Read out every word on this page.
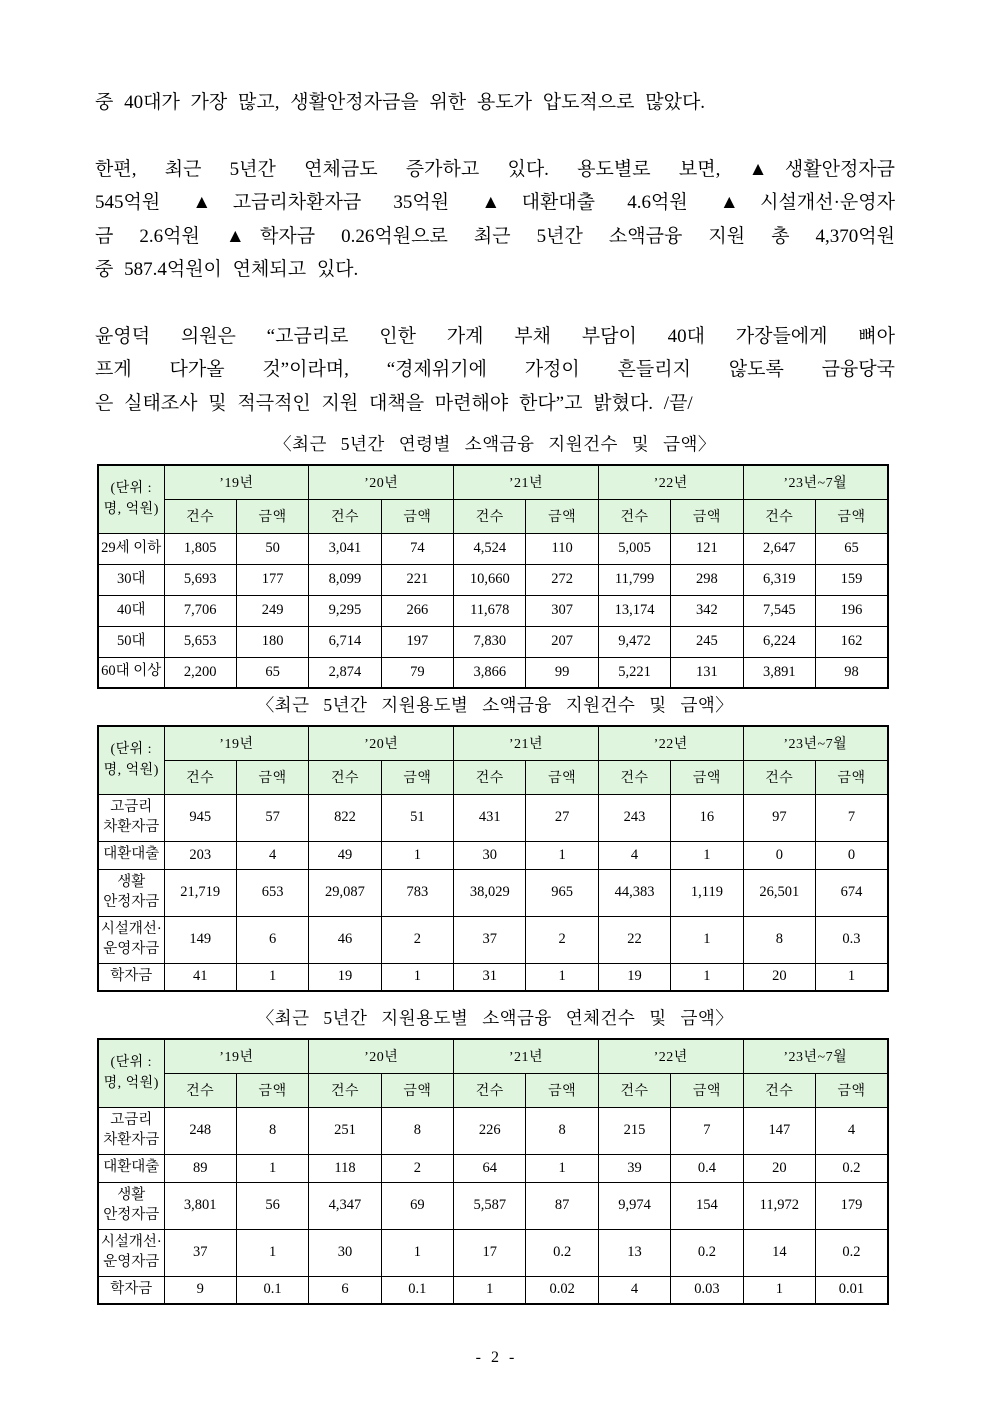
중 40대가 가장 많고, 생활안정자금을 위한 용도가 압도적으로 많았다.
한편, 최근 5년간 연체금도 증가하고 있다. 용도별로 보면, ▲생활안정자금
545억원 ▲고금리차환자금 35억원 ▲대환대출 4.6억원 ▲시설개선·운영자
금 2.6억원 ▲학자금 0.26억원으로 최근 5년간 소액금융 지원 총 4,370억원
중 587.4억원이 연체되고 있다.
윤영덕 의원은 “고금리로 인한 가계 부채 부담이 40대 가장들에게 뼈아
프게 다가올 것”이라며, “경제위기에 가정이 흔들리지 않도록 금융당국
은 실태조사 및 적극적인 지원 대책을 마련해야 한다”고 밝혔다. /끝/
〈최근 5년간 연령별 소액금융 지원건수 및 금액〉
(단위 :
명, 억원)	’19년		’20년		’21년		’22년		’23년~7월	
	건수	금액	건수	금액	건수	금액	건수	금액	건수	금액
29세 이하	1,805	50	3,041	74	4,524	110	5,005	121	2,647	65
30대	5,693	177	8,099	221	10,660	272	11,799	298	6,319	159
40대	7,706	249	9,295	266	11,678	307	13,174	342	7,545	196
50대	5,653	180	6,714	197	7,830	207	9,472	245	6,224	162
60대 이상	2,200	65	2,874	79	3,866	99	5,221	131	3,891	98
〈최근 5년간 지원용도별 소액금융 지원건수 및 금액〉
(단위 :
명, 억원)	’19년		’20년		’21년		’22년		’23년~7월	
	건수	금액	건수	금액	건수	금액	건수	금액	건수	금액

고금리
차환자금	945	57	822	51	431	27	243	16	97	7
대환대출	203	4	49	1	30	1	4	1	0	0

생활
안정자금	21,719	653	29,087	783	38,029	965	44,383	1,119	26,501	674

시설개선·
운영자금	149	6	46	2	37	2	22	1	8	0.3
학자금	41	1	19	1	31	1	19	1	20	1
〈최근 5년간 지원용도별 소액금융 연체건수 및 금액〉
(단위 :
명, 억원)	’19년		’20년		’21년		’22년		’23년~7월	
	건수	금액	건수	금액	건수	금액	건수	금액	건수	금액

고금리
차환자금	248	8	251	8	226	8	215	7	147	4
대환대출	89	1	118	2	64	1	39	0.4	20	0.2

생활
안정자금	3,801	56	4,347	69	5,587	87	9,974	154	11,972	179

시설개선·
운영자금	37	1	30	1	17	0.2	13	0.2	14	0.2
학자금	9	0.1	6	0.1	1	0.02	4	0.03	1	0.01
- 2 -
